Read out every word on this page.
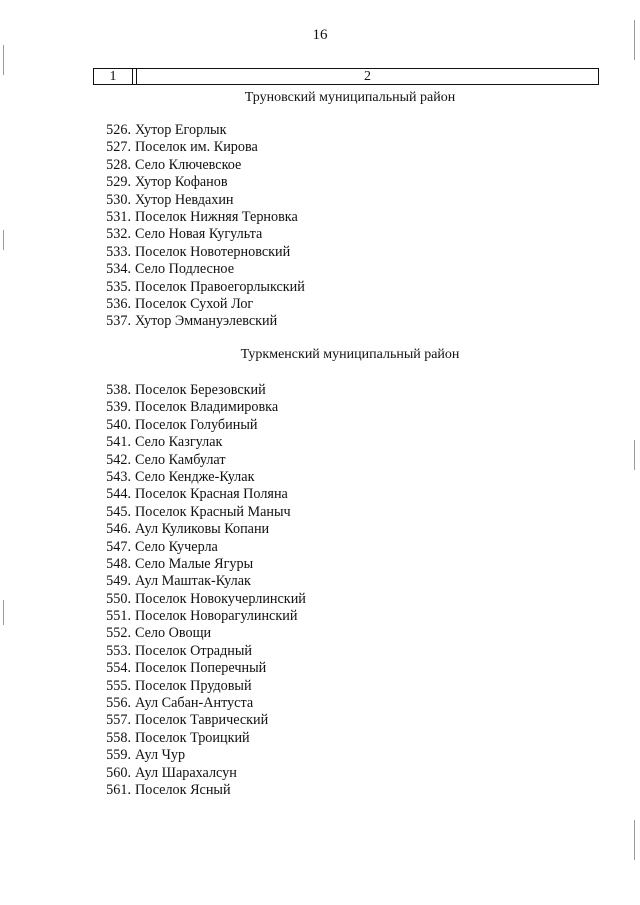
16
1	2
Труновский муниципальный район
526. Хутор Егорлык
527. Поселок им. Кирова
528. Село Ключевское
529. Хутор Кофанов
530. Хутор Невдахин
531. Поселок Нижняя Терновка
532. Село Новая Кугульта
533. Поселок Новотерновский
534. Село Подлесное
535. Поселок Правоегорлыкский
536. Поселок Сухой Лог
537. Хутор Эммануэлевский
Туркменский муниципальный район
538. Поселок Березовский
539. Поселок Владимировка
540. Поселок Голубиный
541. Село Казгулак
542. Село Камбулат
543. Село Кендже-Кулак
544. Поселок Красная Поляна
545. Поселок Красный Маныч
546. Аул Куликовы Копани
547. Село Кучерла
548. Село Малые Ягуры
549. Аул Маштак-Кулак
550. Поселок Новокучерлинский
551. Поселок Новорагулинский
552. Село Овощи
553. Поселок Отрадный
554. Поселок Поперечный
555. Поселок Прудовый
556. Аул Сабан-Антуста
557. Поселок Таврический
558. Поселок Троицкий
559. Аул Чур
560. Аул Шарахалсун
561. Поселок Ясный
